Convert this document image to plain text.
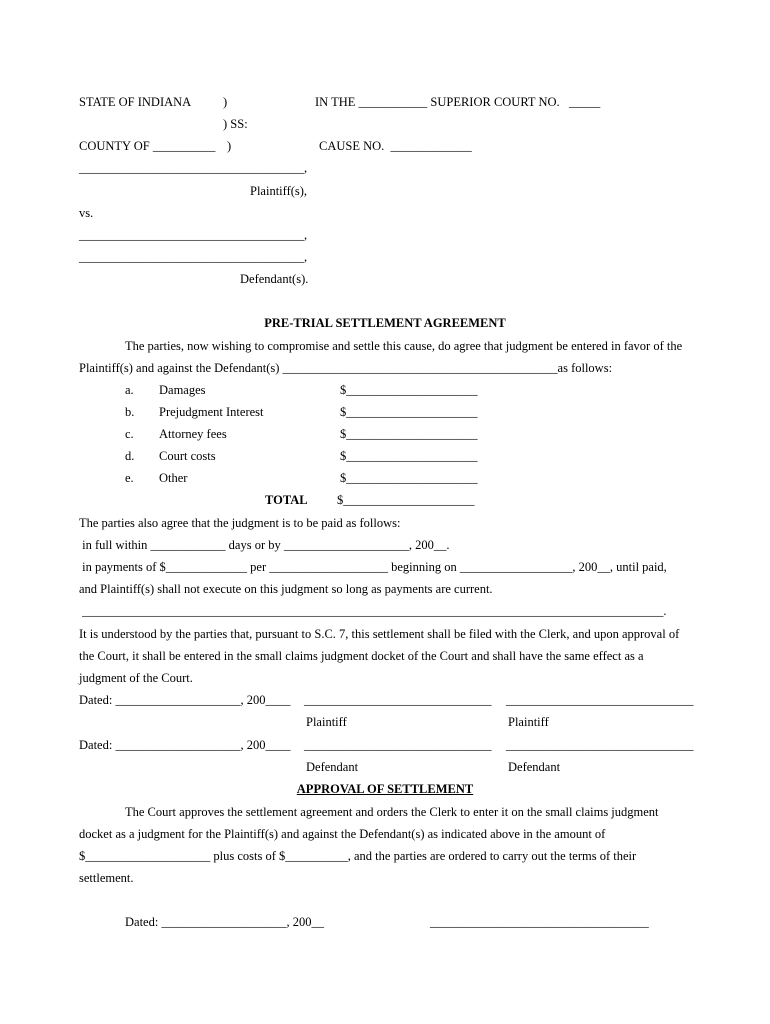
STATE OF INDIANA	)	IN THE ___________ SUPERIOR COURT NO.   _____
) SS:
COUNTY OF __________ )	CAUSE NO.  _____________
____________________________________,
Plaintiff(s),
vs.
____________________________________,
____________________________________,
Defendant(s).
PRE-TRIAL SETTLEMENT AGREEMENT
The parties, now wishing to compromise and settle this cause, do agree that judgment be entered in favor of the
Plaintiff(s) and against the Defendant(s) ____________________________________________as follows:
a. Damages	$_____________________
b. Prejudgment Interest	$_____________________
c. Attorney fees	$_____________________
d. Court costs	$_____________________
e. Other	$_____________________
TOTAL $_____________________
The parties also agree that the judgment is to be paid as follows:
in full within ____________ days or by ____________________, 200__.
in payments of $_____________ per ___________________ beginning on __________________, 200__, until paid,
and Plaintiff(s) shall not execute on this judgment so long as payments are current.
_____________________________________________________________________________________________.
It is understood by the parties that, pursuant to S.C. 7, this settlement shall be filed with the Clerk, and upon approval of
the Court, it shall be entered in the small claims judgment docket of the Court and shall have the same effect as a
judgment of the Court.
Dated: ____________________, 200____ ______________________________ ______________________________
Plaintiff	Plaintiff
Dated: ____________________, 200____ ______________________________ ______________________________
Defendant	Defendant
APPROVAL OF SETTLEMENT
The Court approves the settlement agreement and orders the Clerk to enter it on the small claims judgment
docket as a judgment for the Plaintiff(s) and against the Defendant(s) as indicated above in the amount of
$____________________ plus costs of $__________, and the parties are ordered to carry out the terms of their
settlement.
Dated: ____________________, 200__	___________________________________
